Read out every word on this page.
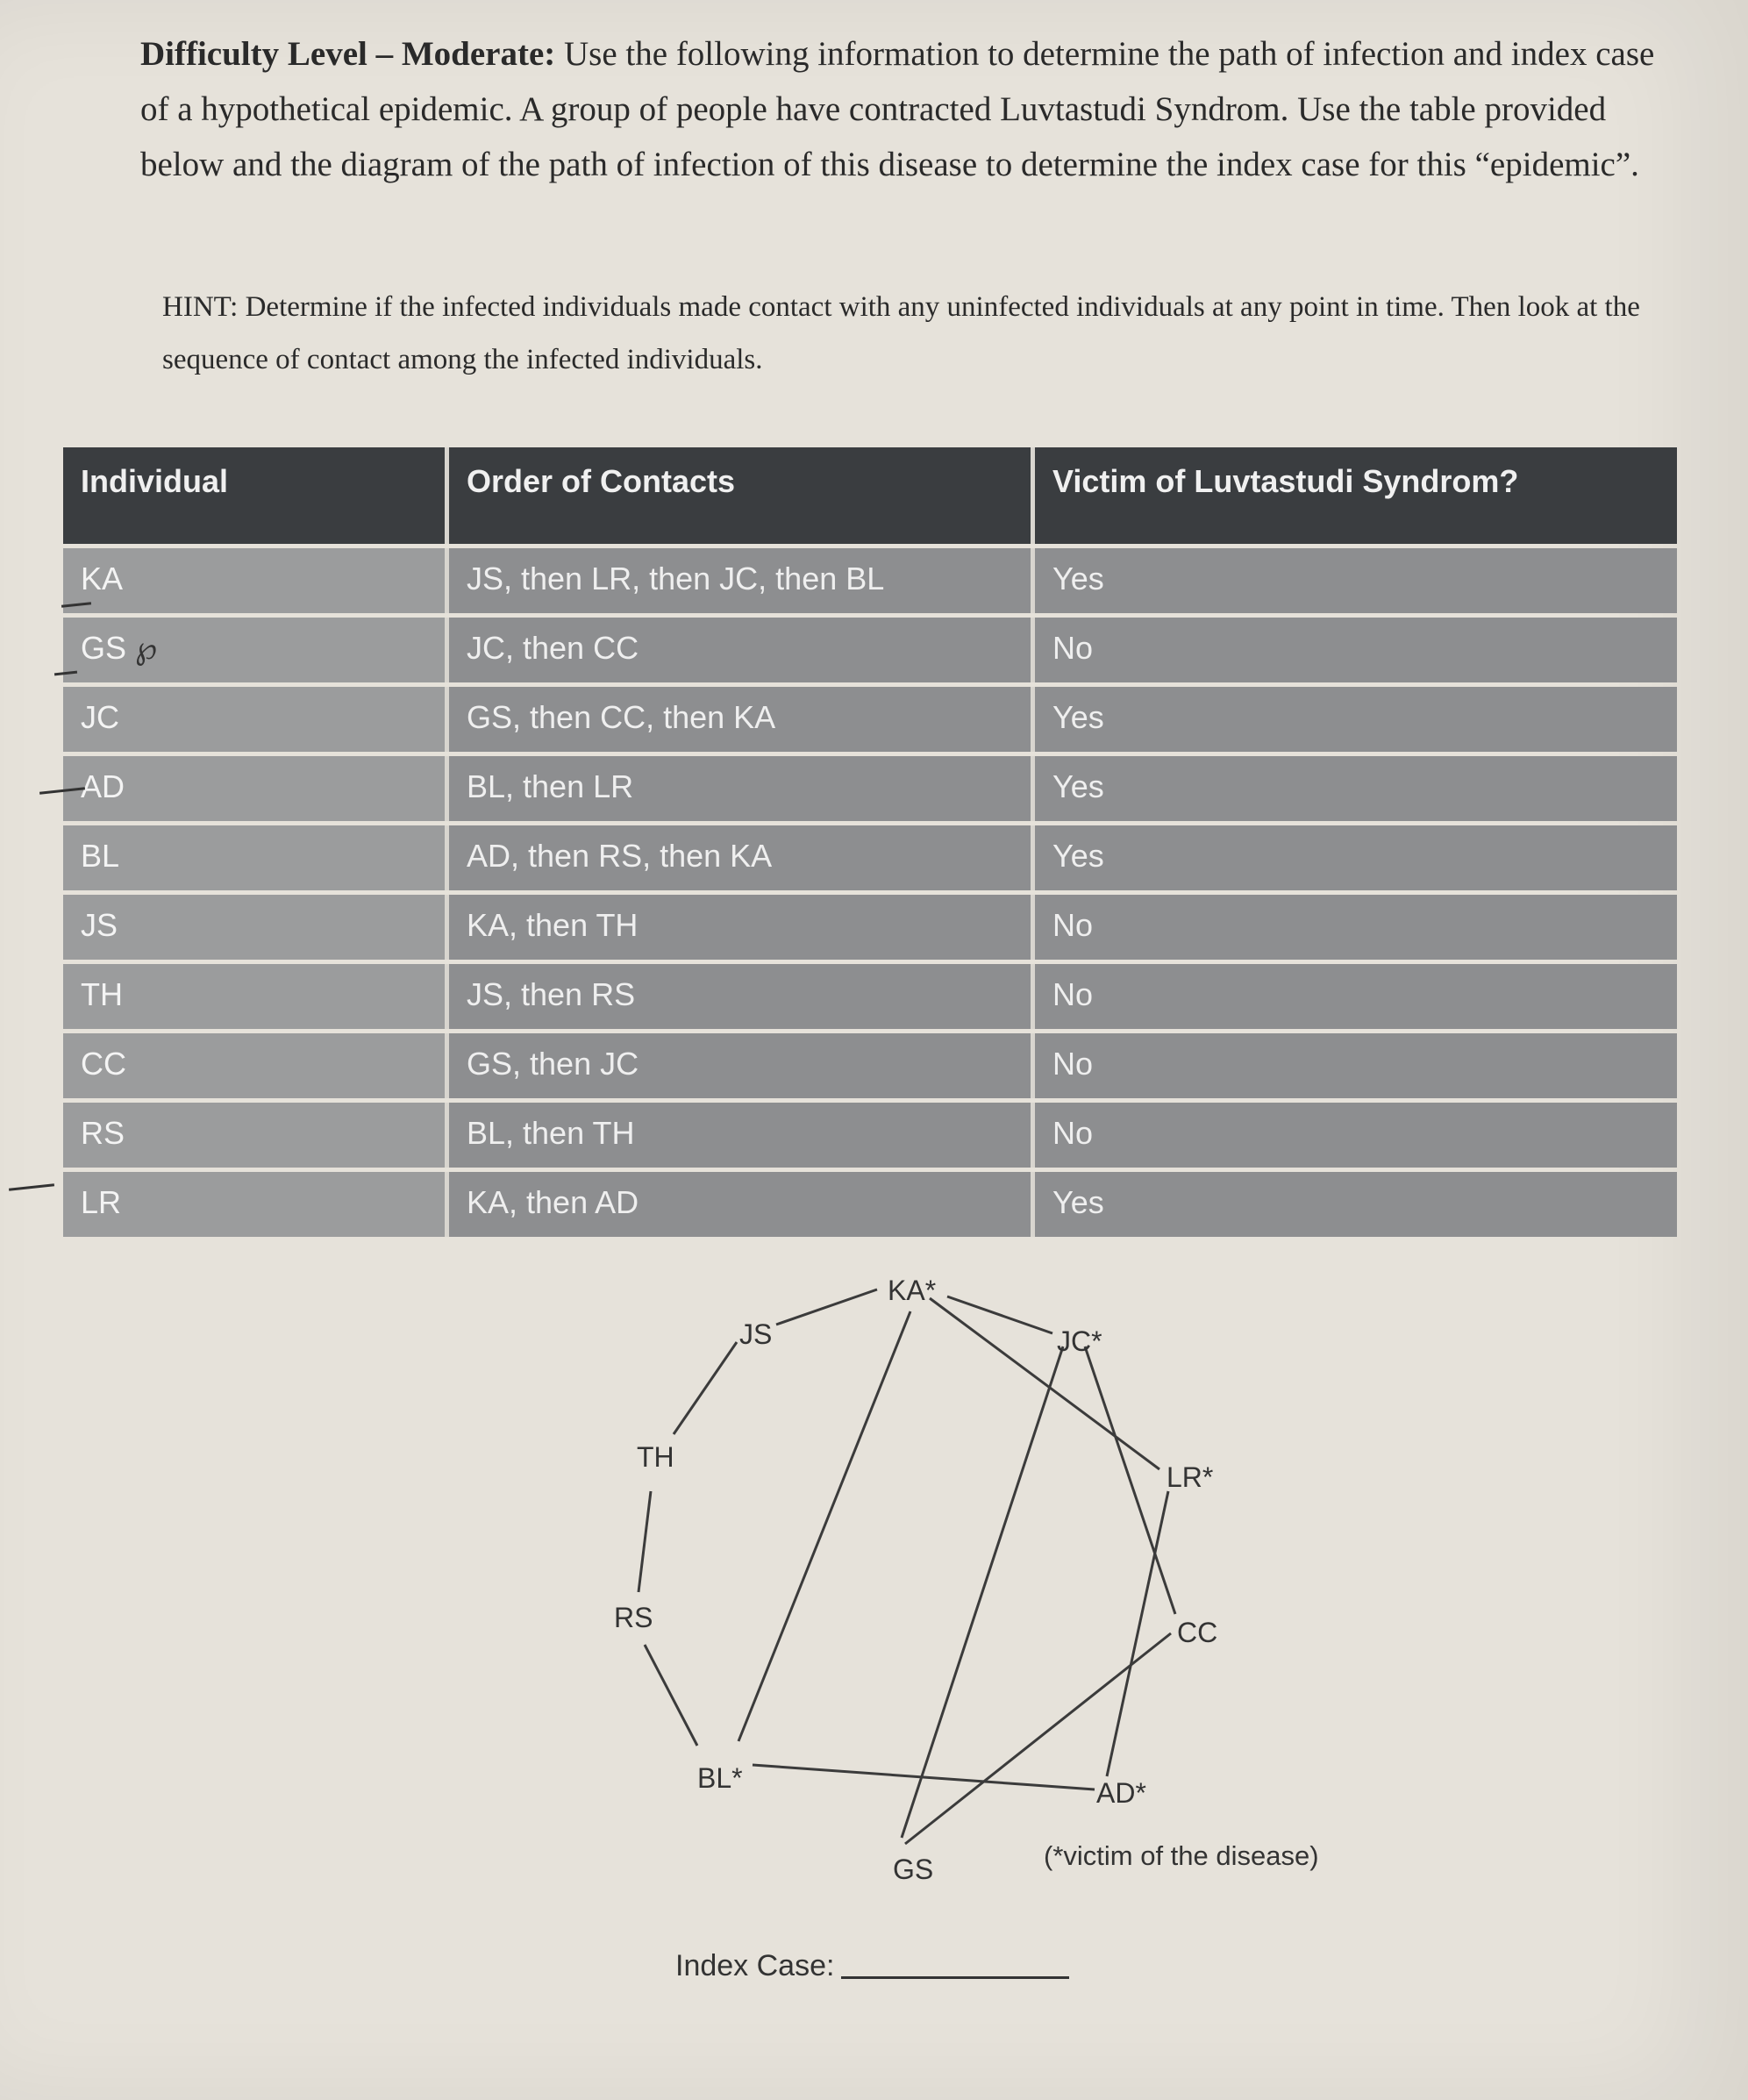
Difficulty Level – Moderate: Use the following information to determine the path of infection and index case of a hypothetical epidemic. A group of people have contracted Luvtastudi Syndrom. Use the table provided below and the diagram of the path of infection of this disease to determine the index case for this “epidemic”.
HINT: Determine if the infected individuals made contact with any uninfected individuals at any point in time. Then look at the sequence of contact among the infected individuals.
Individual	Order of Contacts	Victim of Luvtastudi Syndrom?
KA	JS, then LR, then JC, then BL	Yes
GS ℘	JC, then CC	No
JC	GS, then CC, then KA	Yes
AD	BL, then LR	Yes
BL	AD, then RS, then KA	Yes
JS	KA, then TH	No
TH	JS, then RS	No
CC	GS, then JC	No
RS	BL, then TH	No
LR	KA, then AD	Yes
KA*
JS	JC*
TH
LR*
RS	CC
BL*	AD*
GS	(*victim of the disease)
Index Case:
